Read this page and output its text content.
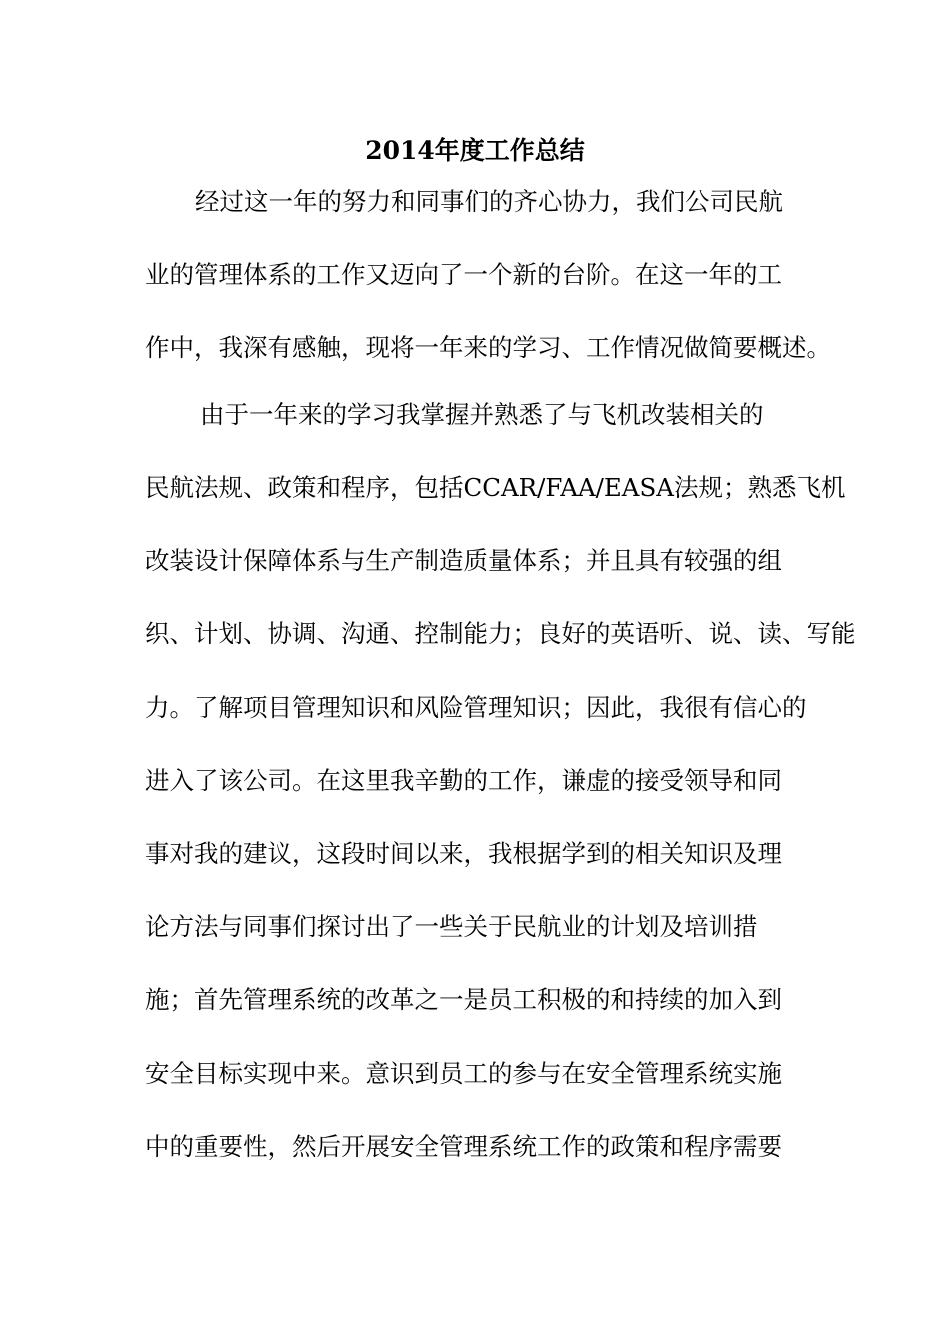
2014年度工作总结
经过这一年的努力和同事们的齐心协力，我们公司民航
业的管理体系的工作又迈向了一个新的台阶。在这一年的工
作中，我深有感触，现将一年来的学习、工作情况做简要概述。
由于一年来的学习我掌握并熟悉了与飞机改装相关的
民航法规、政策和程序，包括CCAR/FAA/EASA法规；熟悉飞机
改装设计保障体系与生产制造质量体系；并且具有较强的组
织、计划、协调、沟通、控制能力；良好的英语听、说、读、写能
力。了解项目管理知识和风险管理知识；因此，我很有信心的
进入了该公司。在这里我辛勤的工作，谦虚的接受领导和同
事对我的建议，这段时间以来，我根据学到的相关知识及理
论方法与同事们探讨出了一些关于民航业的计划及培训措
施；首先管理系统的改革之一是员工积极的和持续的加入到
安全目标实现中来。意识到员工的参与在安全管理系统实施
中的重要性，然后开展安全管理系统工作的政策和程序需要
